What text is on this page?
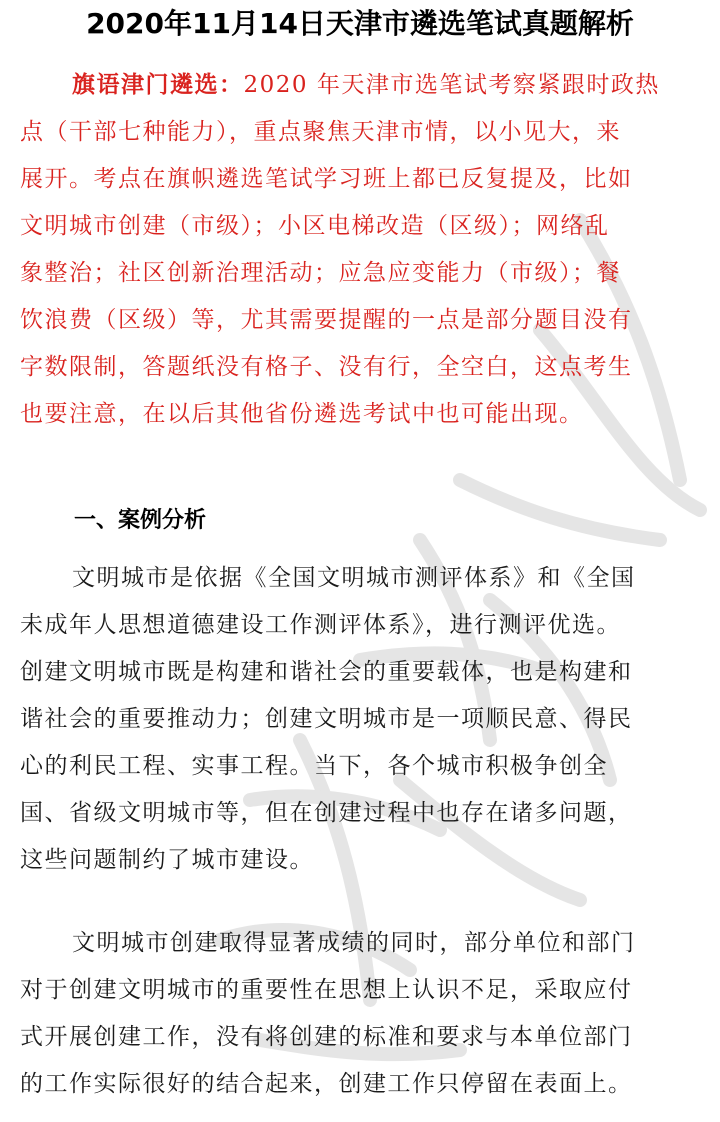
2020年11月14日天津市遴选笔试真题解析
旗语津门遴选：2020 年天津市选笔试考察紧跟时政热
点（干部七种能力），重点聚焦天津市情，以小见大，来
展开。考点在旗帜遴选笔试学习班上都已反复提及，比如
文明城市创建（市级）；小区电梯改造（区级）；网络乱
象整治；社区创新治理活动；应急应变能力（市级）；餐
饮浪费（区级）等，尤其需要提醒的一点是部分题目没有
字数限制，答题纸没有格子、没有行，全空白，这点考生
也要注意，在以后其他省份遴选考试中也可能出现。
一、案例分析
文明城市是依据《全国文明城市测评体系》和《全国
未成年人思想道德建设工作测评体系》，进行测评优选。
创建文明城市既是构建和谐社会的重要载体，也是构建和
谐社会的重要推动力；创建文明城市是一项顺民意、得民
心的利民工程、实事工程。当下，各个城市积极争创全
国、省级文明城市等，但在创建过程中也存在诸多问题，
这些问题制约了城市建设。
文明城市创建取得显著成绩的同时，部分单位和部门
对于创建文明城市的重要性在思想上认识不足，采取应付
式开展创建工作，没有将创建的标准和要求与本单位部门
的工作实际很好的结合起来，创建工作只停留在表面上。
